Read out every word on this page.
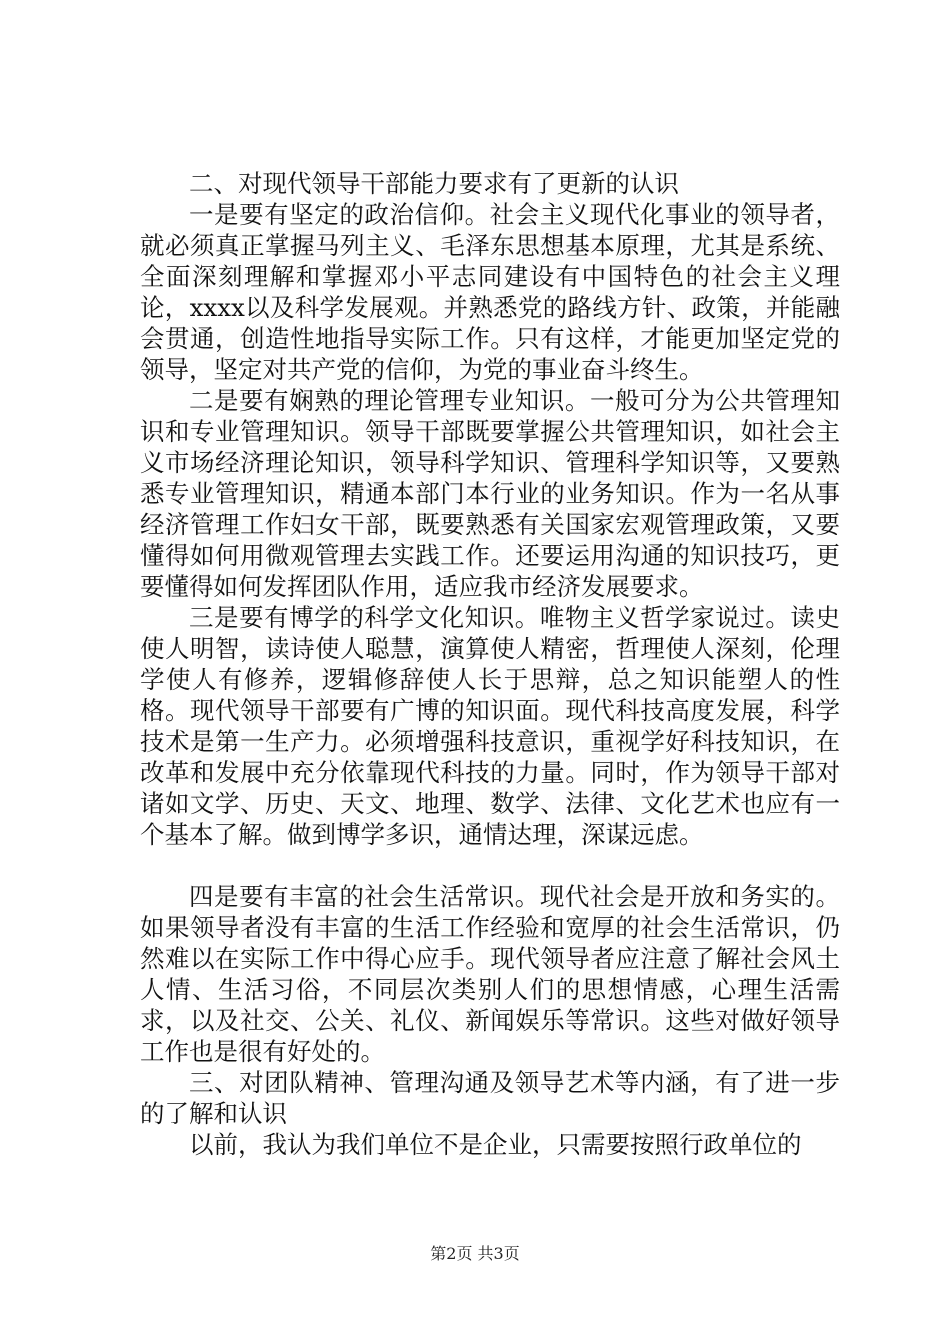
二、对现代领导干部能力要求有了更新的认识

一是要有坚定的政治信仰。社会主义现代化事业的领导者，就必须真正掌握马列主义、毛泽东思想基本原理，尤其是系统、全面深刻理解和掌握邓小平志同建设有中国特色的社会主义理论，xxxx以及科学发展观。并熟悉党的路线方针、政策，并能融会贯通，创造性地指导实际工作。只有这样，才能更加坚定党的领导，坚定对共产党的信仰，为党的事业奋斗终生。

二是要有娴熟的理论管理专业知识。一般可分为公共管理知识和专业管理知识。领导干部既要掌握公共管理知识，如社会主义市场经济理论知识，领导科学知识、管理科学知识等，又要熟悉专业管理知识，精通本部门本行业的业务知识。作为一名从事经济管理工作妇女干部，既要熟悉有关国家宏观管理政策，又要懂得如何用微观管理去实践工作。还要运用沟通的知识技巧，更要懂得如何发挥团队作用，适应我市经济发展要求。

三是要有博学的科学文化知识。唯物主义哲学家说过。读史使人明智，读诗使人聪慧，演算使人精密，哲理使人深刻，伦理学使人有修养，逻辑修辞使人长于思辩，总之知识能塑人的性格。现代领导干部要有广博的知识面。现代科技高度发展，科学技术是第一生产力。必须增强科技意识，重视学好科技知识，在改革和发展中充分依靠现代科技的力量。同时，作为领导干部对诸如文学、历史、天文、地理、数学、法律、文化艺术也应有一个基本了解。做到博学多识，通情达理，深谋远虑。

四是要有丰富的社会生活常识。现代社会是开放和务实的。如果领导者没有丰富的生活工作经验和宽厚的社会生活常识，仍然难以在实际工作中得心应手。现代领导者应注意了解社会风土人情、生活习俗，不同层次类别人们的思想情感，心理生活需求，以及社交、公关、礼仪、新闻娱乐等常识。这些对做好领导工作也是很有好处的。

三、对团队精神、管理沟通及领导艺术等内涵，有了进一步的了解和认识

以前，我认为我们单位不是企业，只需要按照行政单位的

第2页 共3页
